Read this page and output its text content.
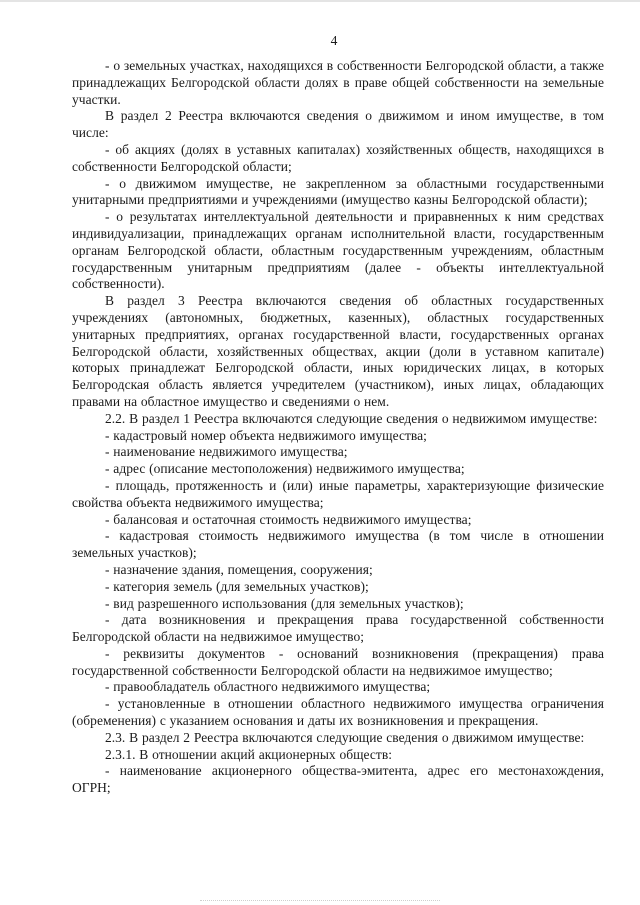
4

- о земельных участках, находящихся в собственности Белгородской области, а также принадлежащих Белгородской области долях в праве общей собственности на земельные участки.

В раздел 2 Реестра включаются сведения о движимом и ином имуществе, в том числе:

- об акциях (долях в уставных капиталах) хозяйственных обществ, находящихся в собственности Белгородской области;

- о движимом имуществе, не закрепленном за областными государственными унитарными предприятиями и учреждениями (имущество казны Белгородской области);

- о результатах интеллектуальной деятельности и приравненных к ним средствах индивидуализации, принадлежащих органам исполнительной власти, государственным органам Белгородской области, областным государственным учреждениям, областным государственным унитарным предприятиям (далее - объекты интеллектуальной собственности).

В раздел 3 Реестра включаются сведения об областных государственных учреждениях (автономных, бюджетных, казенных), областных государственных унитарных предприятиях, органах государственной власти, государственных органах Белгородской области, хозяйственных обществах, акции (доли в уставном капитале) которых принадлежат Белгородской области, иных юридических лицах, в которых Белгородская область является учредителем (участником), иных лицах, обладающих правами на областное имущество и сведениями о нем.

2.2. В раздел 1 Реестра включаются следующие сведения о недвижимом имуществе:

- кадастровый номер объекта недвижимого имущества;

- наименование недвижимого имущества;

- адрес (описание местоположения) недвижимого имущества;

- площадь, протяженность и (или) иные параметры, характеризующие физические свойства объекта недвижимого имущества;

- балансовая и остаточная стоимость недвижимого имущества;

- кадастровая стоимость недвижимого имущества (в том числе в отношении земельных участков);

- назначение здания, помещения, сооружения;

- категория земель (для земельных участков);

- вид разрешенного использования (для земельных участков);

- дата возникновения и прекращения права государственной собственности Белгородской области на недвижимое имущество;

- реквизиты документов - оснований возникновения (прекращения) права государственной собственности Белгородской области на недвижимое имущество;

- правообладатель областного недвижимого имущества;

- установленные в отношении областного недвижимого имущества ограничения (обременения) с указанием основания и даты их возникновения и прекращения.

2.3. В раздел 2 Реестра включаются следующие сведения о движимом имуществе:

2.3.1. В отношении акций акционерных обществ:

- наименование акционерного общества-эмитента, адрес его местонахождения, ОГРН;
